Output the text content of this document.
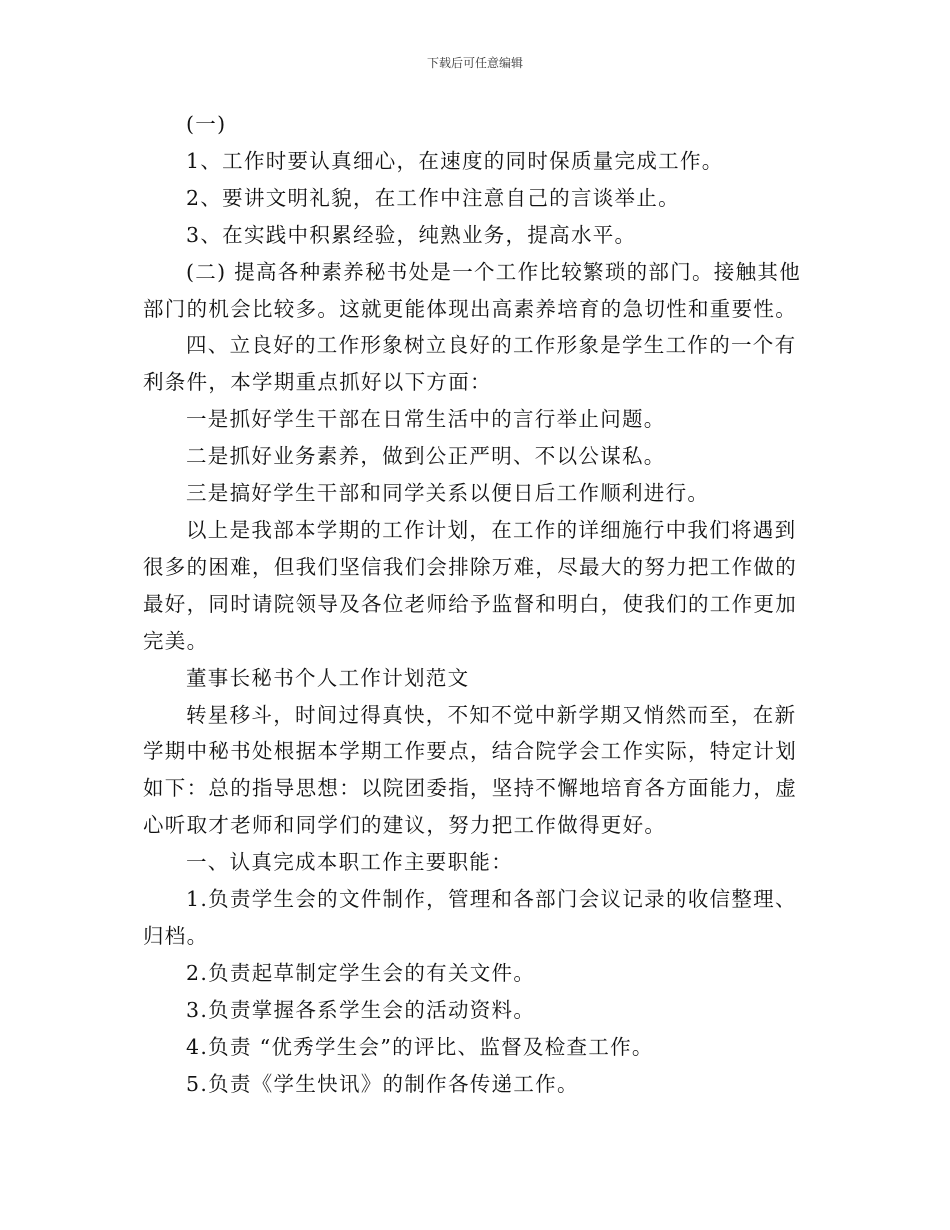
下载后可任意编辑

(一)

1、工作时要认真细心，在速度的同时保质量完成工作。

2、要讲文明礼貌，在工作中注意自己的言谈举止。

3、在实践中积累经验，纯熟业务，提高水平。

(二) 提高各种素养秘书处是一个工作比较繁琐的部门。接触其他部门的机会比较多。这就更能体现出高素养培育的急切性和重要性。

四、立良好的工作形象树立良好的工作形象是学生工作的一个有利条件，本学期重点抓好以下方面：

一是抓好学生干部在日常生活中的言行举止问题。

二是抓好业务素养，做到公正严明、不以公谋私。

三是搞好学生干部和同学关系以便日后工作顺利进行。

以上是我部本学期的工作计划，在工作的详细施行中我们将遇到很多的困难，但我们坚信我们会排除万难，尽最大的努力把工作做的最好，同时请院领导及各位老师给予监督和明白，使我们的工作更加完美。

董事长秘书个人工作计划范文

转星移斗，时间过得真快，不知不觉中新学期又悄然而至，在新学期中秘书处根据本学期工作要点，结合院学会工作实际，特定计划如下：总的指导思想：以院团委指，坚持不懈地培育各方面能力，虚心听取才老师和同学们的建议，努力把工作做得更好。

一、认真完成本职工作主要职能：

1.负责学生会的文件制作，管理和各部门会议记录的收信整理、归档。

2.负责起草制定学生会的有关文件。

3.负责掌握各系学生会的活动资料。

4.负责 “优秀学生会”的评比、监督及检查工作。

5.负责《学生快讯》的制作各传递工作。
